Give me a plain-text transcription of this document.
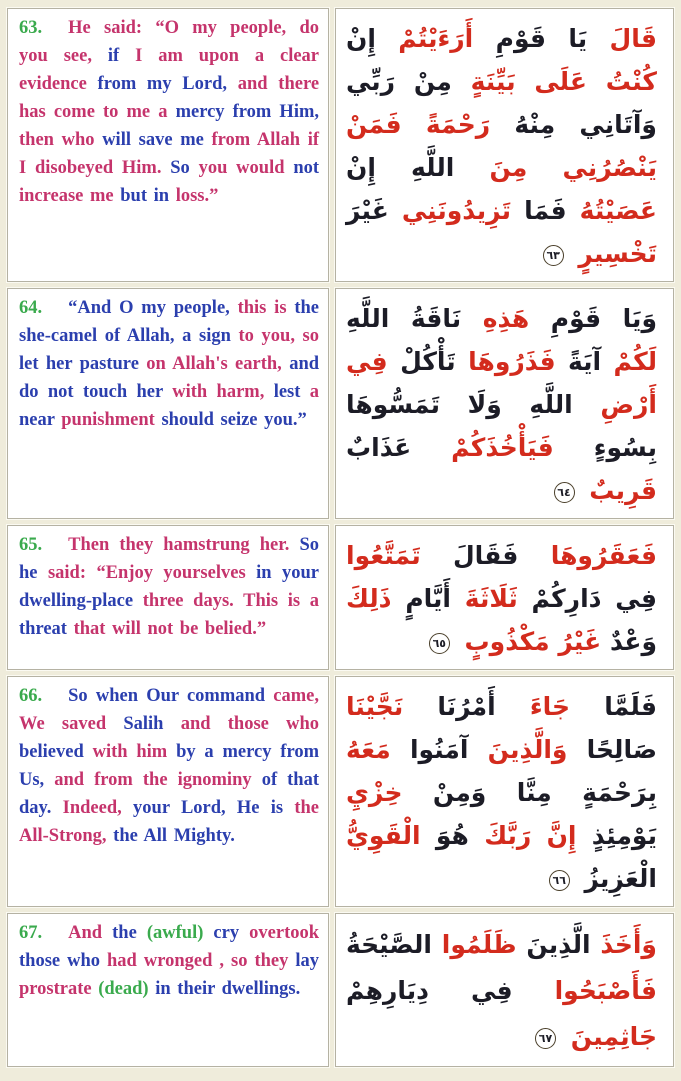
63. He said: “O my people, do you see, if I am upon a clear evidence from my Lord, and there has come to me a mercy from Him, then who will save me from Allah if I disobeyed Him. So you would not increase me but in loss.”
قَالَ يَا قَوْمِ أَرَءَيْتُمْ إِنْ كُنْتُ عَلَى بَيِّنَةٍ مِنْ رَبِّي وَآتَانِي مِنْهُ رَحْمَةً فَمَنْ يَنْصُرُنِي مِنَ اللَّهِ إِنْ عَصَيْتُهُ فَمَا تَزِيدُونَنِي غَيْرَ تَخْسِيرٍ ٦٣
64. “And O my people, this is the she-camel of Allah, a sign to you, so let her pasture on Allah's earth, and do not touch her with harm, lest a near punishment should seize you.”
وَيَا قَوْمِ هَذِهِ نَاقَةُ اللَّهِ لَكُمْ آيَةً فَذَرُوهَا تَأْكُلْ فِي أَرْضِ اللَّهِ وَلَا تَمَسُّوهَا بِسُوءٍ فَيَأْخُذَكُمْ عَذَابٌ قَرِيبٌ ٦٤
65. Then they hamstrung her. So he said: “Enjoy yourselves in your dwelling-place three days. This is a threat that will not be belied.”
فَعَقَرُوهَا فَقَالَ تَمَتَّعُوا فِي دَارِكُمْ ثَلَاثَةَ أَيَّامٍ ذَلِكَ وَعْدٌ غَيْرُ مَكْذُوبٍ ٦٥
66. So when Our command came, We saved Salih and those who believed with him by a mercy from Us, and from the ignominy of that day. Indeed, your Lord, He is the All-Strong, the All Mighty.
فَلَمَّا جَاءَ أَمْرُنَا نَجَّيْنَا صَالِحًا وَالَّذِينَ آمَنُوا مَعَهُ بِرَحْمَةٍ مِنَّا وَمِنْ خِزْيِ يَوْمِئِذٍ إِنَّ رَبَّكَ هُوَ الْقَوِيُّ الْعَزِيزُ ٦٦
67. And the (awful) cry overtook those who had wronged , so they lay prostrate (dead) in their dwellings.
وَأَخَذَ الَّذِينَ ظَلَمُوا الصَّيْحَةُ فَأَصْبَحُوا فِي دِيَارِهِمْ جَاثِمِينَ ٦٧
